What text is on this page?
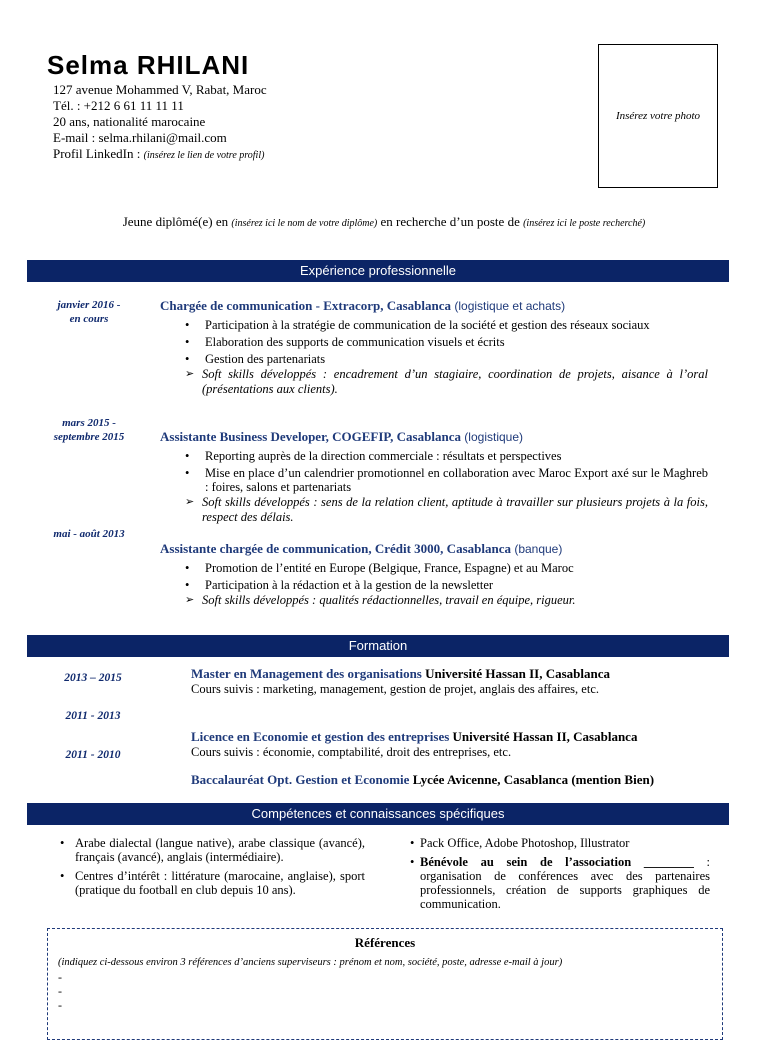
Selma RHILANI
127 avenue Mohammed V, Rabat, Maroc
Tél. : +212 6 61 11 11 11
20 ans, nationalité marocaine
E-mail : selma.rhilani@mail.com
Profil LinkedIn : (insérez le lien de votre profil)
Insérez votre photo
Jeune diplômé(e) en (insérez ici le nom de votre diplôme) en recherche d’un poste de (insérez ici le poste recherché)
Expérience professionnelle
janvier 2016 -
en cours
Chargée de communication - Extracorp, Casablanca (logistique et achats)
• Participation à la stratégie de communication de la société et gestion des réseaux sociaux
• Elaboration des supports de communication visuels et écrits
• Gestion des partenariats
➢ Soft skills développés : encadrement d’un stagiaire, coordination de projets, aisance à l’oral (présentations aux clients).
mars 2015 -
septembre 2015	Assistante Business Developer, COGEFIP, Casablanca (logistique)
• Reporting auprès de la direction commerciale : résultats et perspectives
• Mise en place d’un calendrier promotionnel en collaboration avec Maroc Export axé sur le Maghreb : foires, salons et partenariats
➢ Soft skills développés : sens de la relation client, aptitude à travailler sur plusieurs projets à la fois, respect des délais.
mai - août 2013
Assistante chargée de communication, Crédit 3000, Casablanca (banque)
• Promotion de l’entité en Europe (Belgique, France, Espagne) et au Maroc
• Participation à la rédaction et à la gestion de la newsletter
➢ Soft skills développés : qualités rédactionnelles, travail en équipe, rigueur.
Formation
2013 – 2015
2011 - 2013
2011 - 2010
Master en Management des organisations Université Hassan II, Casablanca
Cours suivis : marketing, management, gestion de projet, anglais des affaires, etc.
Licence en Economie et gestion des entreprises Université Hassan II, Casablanca
Cours suivis : économie, comptabilité, droit des entreprises, etc.
Baccalauréat Opt. Gestion et Economie Lycée Avicenne, Casablanca (mention Bien)
Compétences et connaissances spécifiques
• Arabe dialectal (langue native), arabe classique (avancé), français (avancé), anglais (intermédiaire).
• Centres d’intérêt : littérature (marocaine, anglaise), sport (pratique du football en club depuis 10 ans).
• Pack Office, Adobe Photoshop, Illustrator
• Bénévole au sein de l’association ________ : organisation de conférences avec des partenaires professionnels, création de supports graphiques de communication.
Références
(indiquez ci-dessous environ 3 références d’anciens superviseurs : prénom et nom, société, poste, adresse e-mail à jour)
-
-
-
